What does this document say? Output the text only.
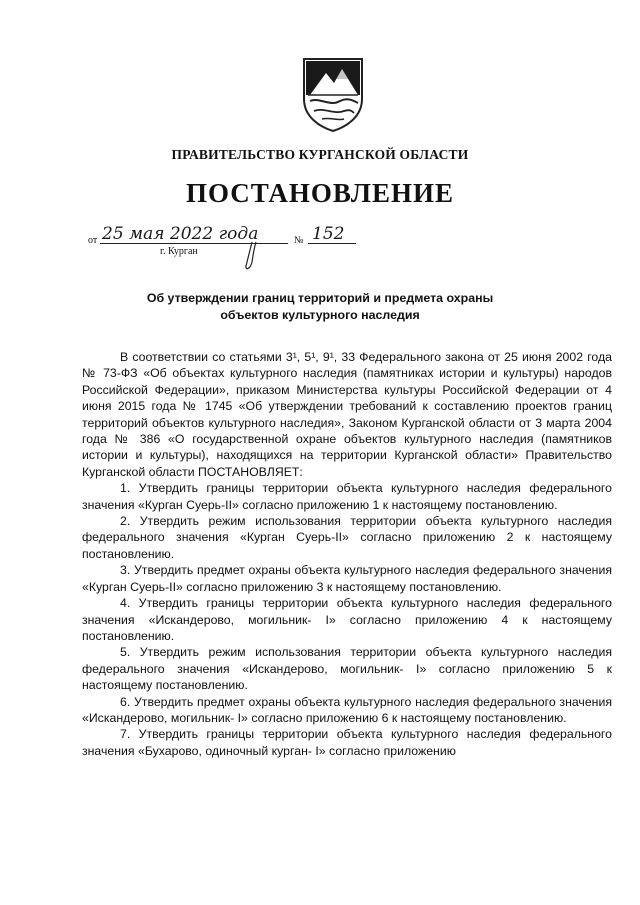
ПРАВИТЕЛЬСТВО КУРГАНСКОЙ ОБЛАСТИ
ПОСТАНОВЛЕНИЕ
от 25 мая 2022 года	№ 152
г. Курган
Об утверждении границ территорий и предмета охраны
объектов культурного наследия

В соответствии со статьями 3¹, 5¹, 9¹, 33 Федерального закона от 25 июня 2002 года № 73-ФЗ «Об объектах культурного наследия (памятниках истории и культуры) народов Российской Федерации», приказом Министерства культуры Российской Федерации от 4 июня 2015 года № 1745 «Об утверждении требований к составлению проектов границ территорий объектов культурного наследия», Законом Курганской области от 3 марта 2004 года № 386 «О государственной охране объектов культурного наследия (памятников истории и культуры), находящихся на территории Курганской области» Правительство Курганской области ПОСТАНОВЛЯЕТ:

1. Утвердить границы территории объекта культурного наследия федерального значения «Курган Суерь-II» согласно приложению 1 к настоящему постановлению.

2. Утвердить режим использования территории объекта культурного наследия федерального значения «Курган Суерь-II» согласно приложению 2 к настоящему постановлению.

3. Утвердить предмет охраны объекта культурного наследия федерального значения «Курган Суерь-II» согласно приложению 3 к настоящему постановлению.

4. Утвердить границы территории объекта культурного наследия федерального значения «Искандерово, могильник- I» согласно приложению 4 к настоящему постановлению.

5. Утвердить режим использования территории объекта культурного наследия федерального значения «Искандерово, могильник- I» согласно приложению 5 к настоящему постановлению.

6. Утвердить предмет охраны объекта культурного наследия федерального значения «Искандерово, могильник- I» согласно приложению 6 к настоящему постановлению.

7. Утвердить границы территории объекта культурного наследия федерального значения «Бухарово, одиночный курган- I» согласно приложению
